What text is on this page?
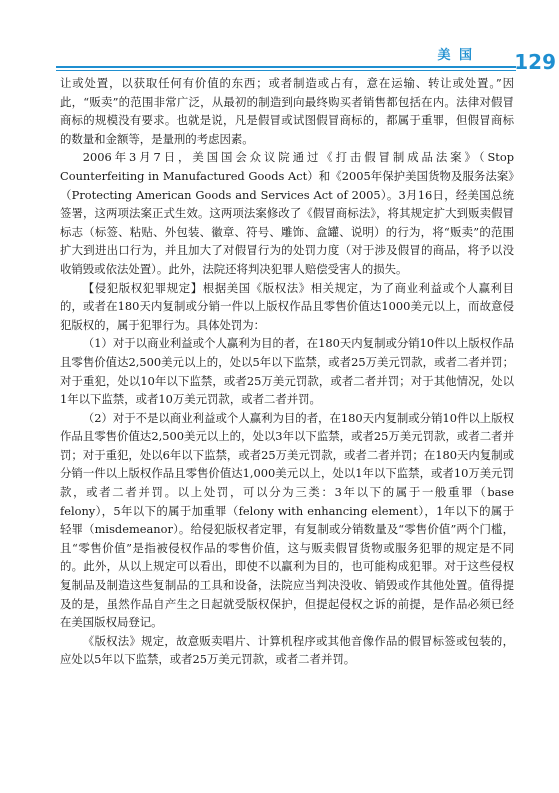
美 国 129

让或处置，以获取任何有价值的东西；或者制造或占有，意在运输、转让或处置。”因此，“贩卖”的范围非常广泛，从最初的制造到向最终购买者销售都包括在内。法律对假冒商标的规模没有要求。也就是说，凡是假冒或试图假冒商标的，都属于重罪，但假冒商标的数量和金额等，是量刑的考虑因素。

2006年3月7日，美国国会众议院通过《打击假冒制成品法案》（Stop Counterfeiting in Manufactured Goods Act）和《2005年保护美国货物及服务法案》（Protecting American Goods and Services Act of 2005）。3月16日，经美国总统签署，这两项法案正式生效。这两项法案修改了《假冒商标法》，将其规定扩大到贩卖假冒标志（标签、粘贴、外包装、徽章、符号、雕饰、盒罐、说明）的行为，将“贩卖”的范围扩大到进出口行为，并且加大了对假冒行为的处罚力度（对于涉及假冒的商品，将予以没收销毁或依法处置）。此外，法院还将判决犯罪人赔偿受害人的损失。

【侵犯版权犯罪规定】根据美国《版权法》相关规定，为了商业利益或个人赢利目的，或者在180天内复制或分销一件以上版权作品且零售价值达1000美元以上，而故意侵犯版权的，属于犯罪行为。具体处罚为：

（1）对于以商业利益或个人赢利为目的者，在180天内复制或分销10件以上版权作品且零售价值达2,500美元以上的，处以5年以下监禁，或者25万美元罚款，或者二者并罚；对于重犯，处以10年以下监禁，或者25万美元罚款，或者二者并罚；对于其他情况，处以1年以下监禁，或者10万美元罚款，或者二者并罚。

（2）对于不是以商业利益或个人赢利为目的者，在180天内复制或分销10件以上版权作品且零售价值达2,500美元以上的，处以3年以下监禁，或者25万美元罚款，或者二者并罚；对于重犯，处以6年以下监禁，或者25万美元罚款，或者二者并罚；在180天内复制或分销一件以上版权作品且零售价值达1,000美元以上，处以1年以下监禁，或者10万美元罚款，或者二者并罚。以上处罚，可以分为三类：3年以下的属于一般重罪（base felony），5年以下的属于加重罪（felony with enhancing element），1年以下的属于轻罪（misdemeanor）。给侵犯版权者定罪，有复制或分销数量及“零售价值”两个门槛，且“零售价值”是指被侵权作品的零售价值，这与贩卖假冒货物或服务犯罪的规定是不同的。此外，从以上规定可以看出，即使不以赢利为目的，也可能构成犯罪。对于这些侵权复制品及制造这些复制品的工具和设备，法院应当判决没收、销毁或作其他处置。值得提及的是，虽然作品自产生之日起就受版权保护，但提起侵权之诉的前提，是作品必须已经在美国版权局登记。

《版权法》规定，故意贩卖唱片、计算机程序或其他音像作品的假冒标签或包装的，应处以5年以下监禁，或者25万美元罚款，或者二者并罚。
